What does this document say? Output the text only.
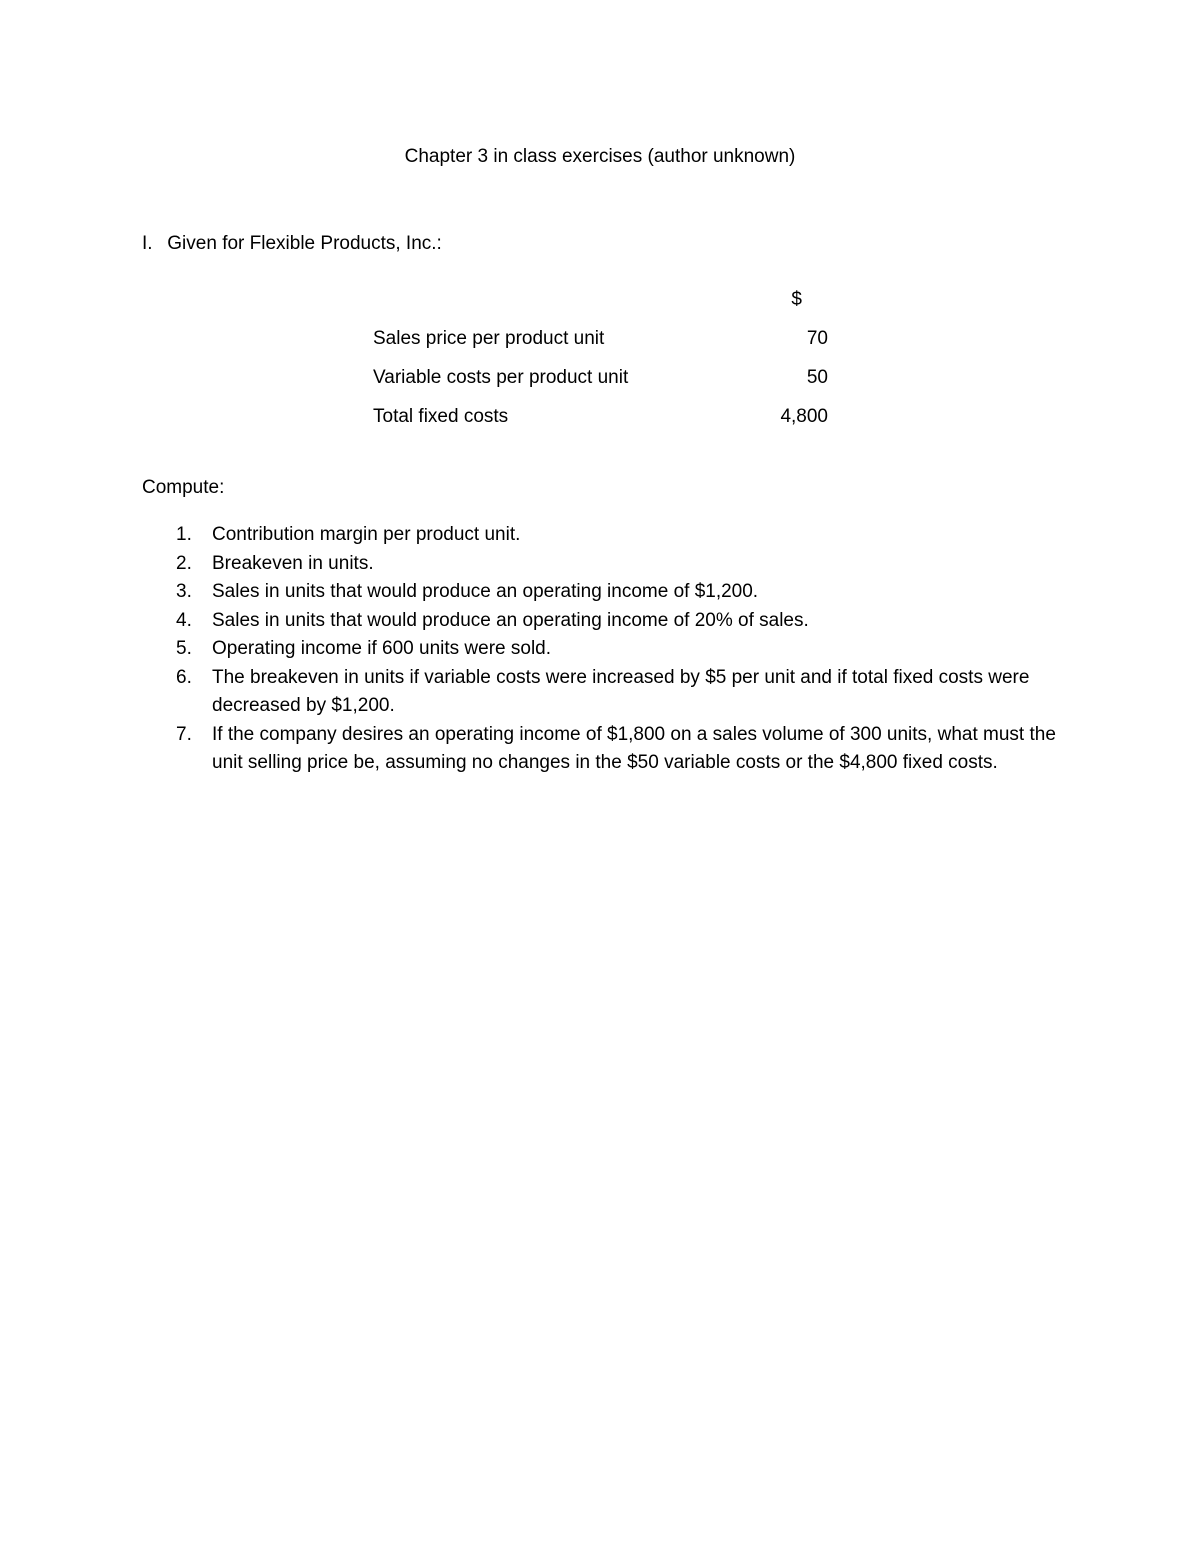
Chapter 3 in class exercises (author unknown)
I. Given for Flexible Products, Inc.:
$
Sales price per product unit	70
Variable costs per product unit	50
Total fixed costs	4,800
Compute:
1. Contribution margin per product unit.
2. Breakeven in units.
3. Sales in units that would produce an operating income of $1,200.
4. Sales in units that would produce an operating income of 20% of sales.
5. Operating income if 600 units were sold.
6. The breakeven in units if variable costs were increased by $5 per unit and if total fixed costs were decreased by $1,200.
7. If the company desires an operating income of $1,800 on a sales volume of 300 units, what must the unit selling price be, assuming no changes in the $50 variable costs or the $4,800 fixed costs.
